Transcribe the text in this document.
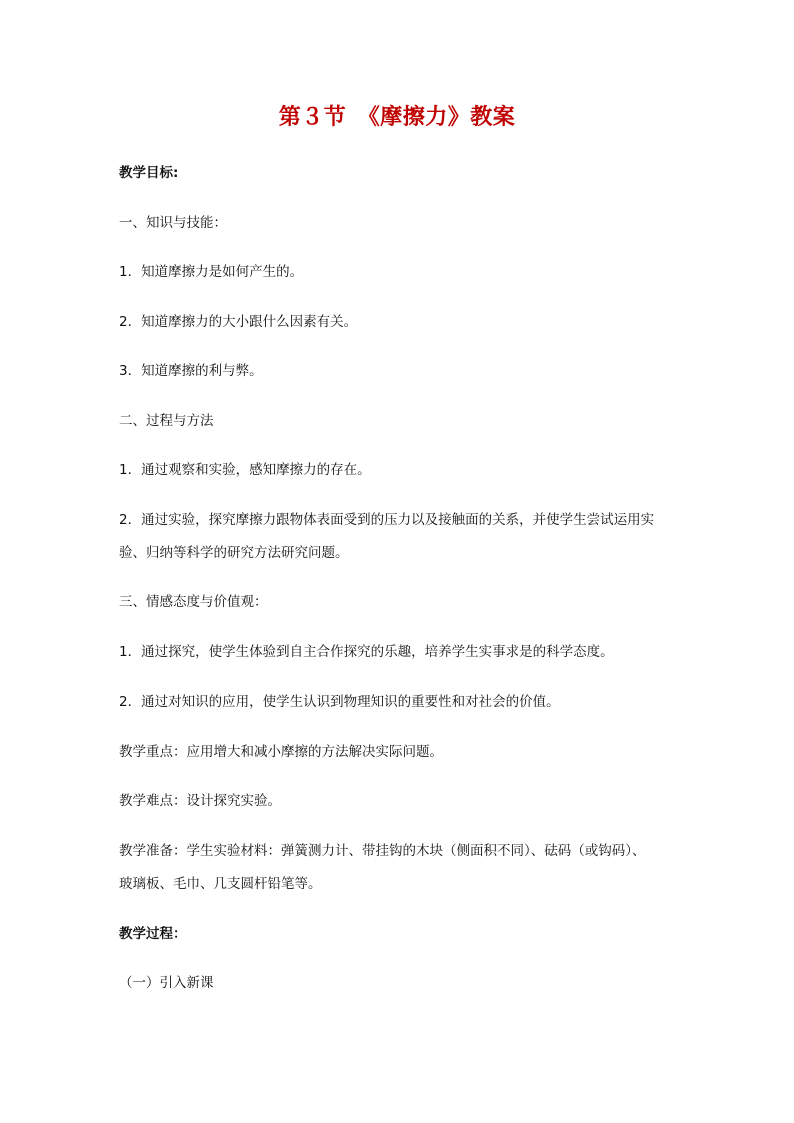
第３节　《摩擦力》教案
教学目标:
一、知识与技能：
1．知道摩擦力是如何产生的。
2．知道摩擦力的大小跟什么因素有关。
3．知道摩擦的利与弊。
二、过程与方法
1．通过观察和实验，感知摩擦力的存在。
2．通过实验，探究摩擦力跟物体表面受到的压力以及接触面的关系，并使学生尝试运用实
验、归纳等科学的研究方法研究问题。
三、情感态度与价值观：
1．通过探究，使学生体验到自主合作探究的乐趣，培养学生实事求是的科学态度。
2．通过对知识的应用，使学生认识到物理知识的重要性和对社会的价值。
教学重点：应用增大和减小摩擦的方法解决实际问题。
教学难点：设计探究实验。
教学准备：学生实验材料：弹簧测力计、带挂钩的木块（侧面积不同）、砝码（或钩码）、
玻璃板、毛巾、几支圆杆铅笔等。
教学过程：
（一）引入新课
